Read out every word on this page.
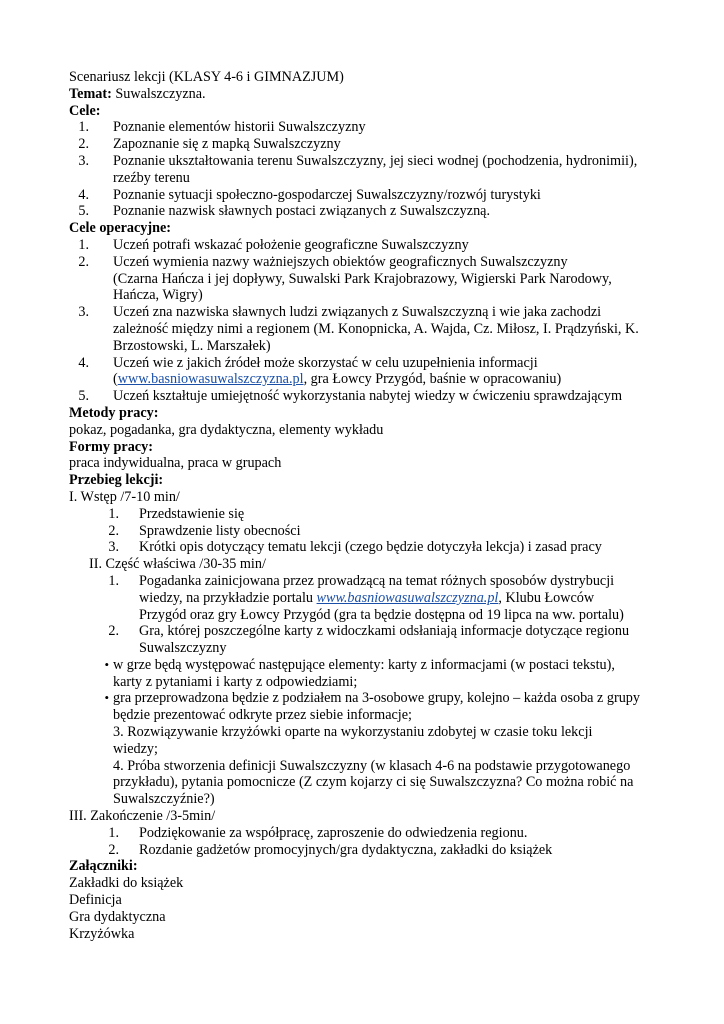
Scenariusz lekcji (KLASY 4-6 i GIMNAZJUM)
Temat: Suwalszczyzna.
Cele:
1.	Poznanie elementów historii Suwalszczyzny
2.	Zapoznanie się z mapką Suwalszczyzny
3.	Poznanie ukształtowania terenu Suwalszczyzny, jej sieci wodnej (pochodzenia, hydronimii),
rzeźby terenu
4.	Poznanie sytuacji społeczno-gospodarczej Suwalszczyzny/rozwój turystyki
5.	Poznanie nazwisk sławnych postaci związanych z Suwalszczyzną.
Cele operacyjne:
1.	Uczeń potrafi wskazać położenie geograficzne Suwalszczyzny
2.	Uczeń wymienia nazwy ważniejszych obiektów geograficznych Suwalszczyzny
(Czarna Hańcza i jej dopływy, Suwalski Park Krajobrazowy, Wigierski Park Narodowy,
Hańcza, Wigry)
3.	Uczeń zna nazwiska sławnych ludzi związanych z Suwalszczyzną i wie jaka zachodzi
zależność między nimi a regionem (M. Konopnicka, A. Wajda, Cz. Miłosz, I. Prądzyński, K.
Brzostowski, L. Marszałek)
4.	Uczeń wie z jakich źródeł może skorzystać w celu uzupełnienia informacji
(www.basniowasuwalszczyzna.pl, gra Łowcy Przygód, baśnie w opracowaniu)
5.	Uczeń kształtuje umiejętność wykorzystania nabytej wiedzy w ćwiczeniu sprawdzającym
Metody pracy:
pokaz, pogadanka, gra dydaktyczna, elementy wykładu
Formy pracy:
praca indywidualna, praca w grupach
Przebieg lekcji:
I. Wstęp /7-10 min/
1.	Przedstawienie się
2.	Sprawdzenie listy obecności
3.	Krótki opis dotyczący tematu lekcji (czego będzie dotyczyła lekcja) i zasad pracy
II. Część właściwa /30-35 min/
1.	Pogadanka zainicjowana przez prowadzącą na temat różnych sposobów dystrybucji
wiedzy, na przykładzie portalu www.basniowasuwalszczyzna.pl, Klubu Łowców
Przygód oraz gry Łowcy Przygód (gra ta będzie dostępna od 19 lipca na ww. portalu)
2.	Gra, której poszczególne karty z widoczkami odsłaniają informacje dotyczące regionu
Suwalszczyzny
• w grze będą występować następujące elementy: karty z informacjami (w postaci tekstu),
karty z pytaniami i karty z odpowiedziami;
• gra przeprowadzona będzie z podziałem na 3-osobowe grupy, kolejno – każda osoba z grupy
będzie prezentować odkryte przez siebie informacje;
3. Rozwiązywanie krzyżówki oparte na wykorzystaniu zdobytej w czasie toku lekcji
wiedzy;
4. Próba stworzenia definicji Suwalszczyzny (w klasach 4-6 na podstawie przygotowanego
przykładu), pytania pomocnicze (Z czym kojarzy ci się Suwalszczyzna? Co można robić na
Suwalszczyźnie?)
III. Zakończenie /3-5min/
1.	Podziękowanie za współpracę, zaproszenie do odwiedzenia regionu.
2.	Rozdanie gadżetów promocyjnych/gra dydaktyczna, zakładki do książek
Załączniki:
Zakładki do książek
Definicja
Gra dydaktyczna
Krzyżówka
